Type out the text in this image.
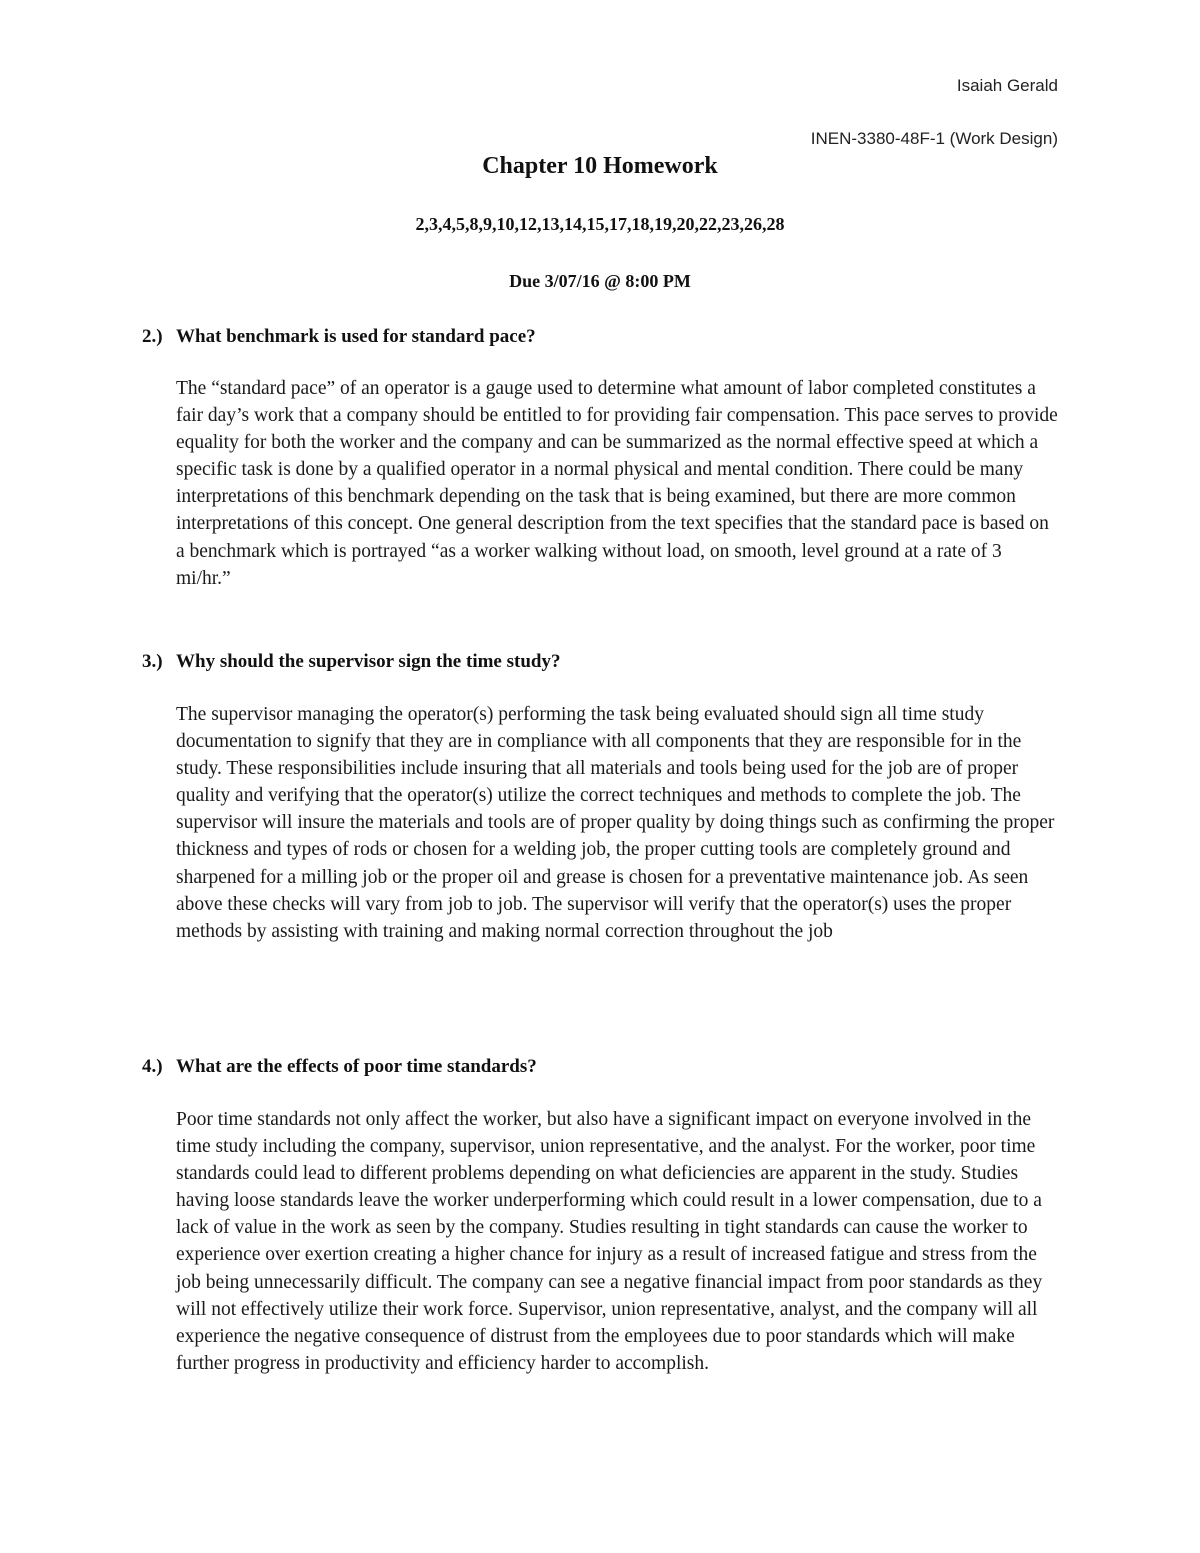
Isaiah Gerald
INEN-3380-48F-1 (Work Design)
Chapter 10 Homework
2,3,4,5,8,9,10,12,13,14,15,17,18,19,20,22,23,26,28
Due 3/07/16 @ 8:00 PM
2.) What benchmark is used for standard pace?
The “standard pace” of an operator is a gauge used to determine what amount of labor completed constitutes a fair day’s work that a company should be entitled to for providing fair compensation. This pace serves to provide equality for both the worker and the company and can be summarized as the normal effective speed at which a specific task is done by a qualified operator in a normal physical and mental condition. There could be many interpretations of this benchmark depending on the task that is being examined, but there are more common interpretations of this concept. One general description from the text specifies that the standard pace is based on a benchmark which is portrayed “as a worker walking without load, on smooth, level ground at a rate of 3 mi/hr.”
3.) Why should the supervisor sign the time study?
The supervisor managing the operator(s) performing the task being evaluated should sign all time study documentation to signify that they are in compliance with all components that they are responsible for in the study. These responsibilities include insuring that all materials and tools being used for the job are of proper quality and verifying that the operator(s) utilize the correct techniques and methods to complete the job. The supervisor will insure the materials and tools are of proper quality by doing things such as confirming the proper thickness and types of rods or chosen for a welding job, the proper cutting tools are completely ground and sharpened for a milling job or the proper oil and grease is chosen for a preventative maintenance job. As seen above these checks will vary from job to job. The supervisor will verify that the operator(s) uses the proper methods by assisting with training and making normal correction throughout the job
4.) What are the effects of poor time standards?
Poor time standards not only affect the worker, but also have a significant impact on everyone involved in the time study including the company, supervisor, union representative, and the analyst. For the worker, poor time standards could lead to different problems depending on what deficiencies are apparent in the study. Studies having loose standards leave the worker underperforming which could result in a lower compensation, due to a lack of value in the work as seen by the company. Studies resulting in tight standards can cause the worker to experience over exertion creating a higher chance for injury as a result of increased fatigue and stress from the job being unnecessarily difficult. The company can see a negative financial impact from poor standards as they will not effectively utilize their work force. Supervisor, union representative, analyst, and the company will all experience the negative consequence of distrust from the employees due to poor standards which will make further progress in productivity and efficiency harder to accomplish.
